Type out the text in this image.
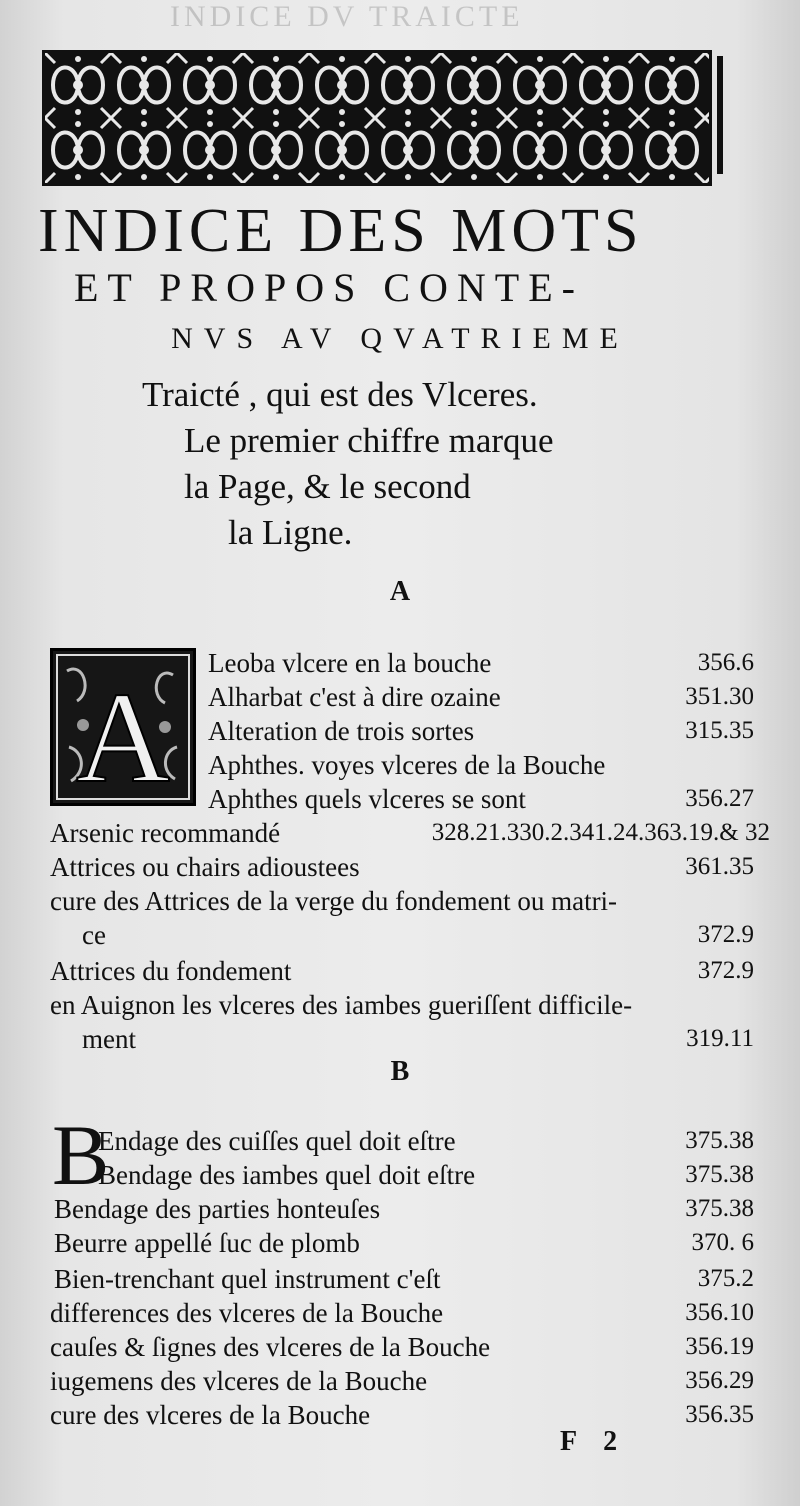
INDICE DV TRAICTE
INDICE DES MOTS
ET PROPOS CONTE-
NVS AV QVATRIEME
Traicté , qui est des Vlceres.
Le premier chiffre marque
la Page, & le second
la Ligne.
A
A
Leoba vlcere en la bouche	356.6
Alharbat c'est à dire ozaine	351.30
Alteration de trois sortes	315.35
Aphthes. voyes vlceres de la Bouche
Aphthes quels vlceres se sont	356.27
Arsenic recommandé	328.21.330.2.341.24.363.19.& 32
Attrices ou chairs adioustees	361.35
cure des Attrices de la verge du fondement ou matri-
ce	372.9
Attrices du fondement	372.9
en Auignon les vlceres des iambes gueriſſent difficile-
ment	319.11
B
B
Endage des cuiſſes quel doit eſtre	375.38
Bendage des iambes quel doit eſtre	375.38
Bendage des parties honteuſes	375.38
Beurre appellé ſuc de plomb	370. 6
Bien-trenchant quel instrument c'eſt	375.2
differences des vlceres de la Bouche	356.10
cauſes & ſignes des vlceres de la Bouche	356.19
iugemens des vlceres de la Bouche	356.29
cure des vlceres de la Bouche	356.35
F 2
